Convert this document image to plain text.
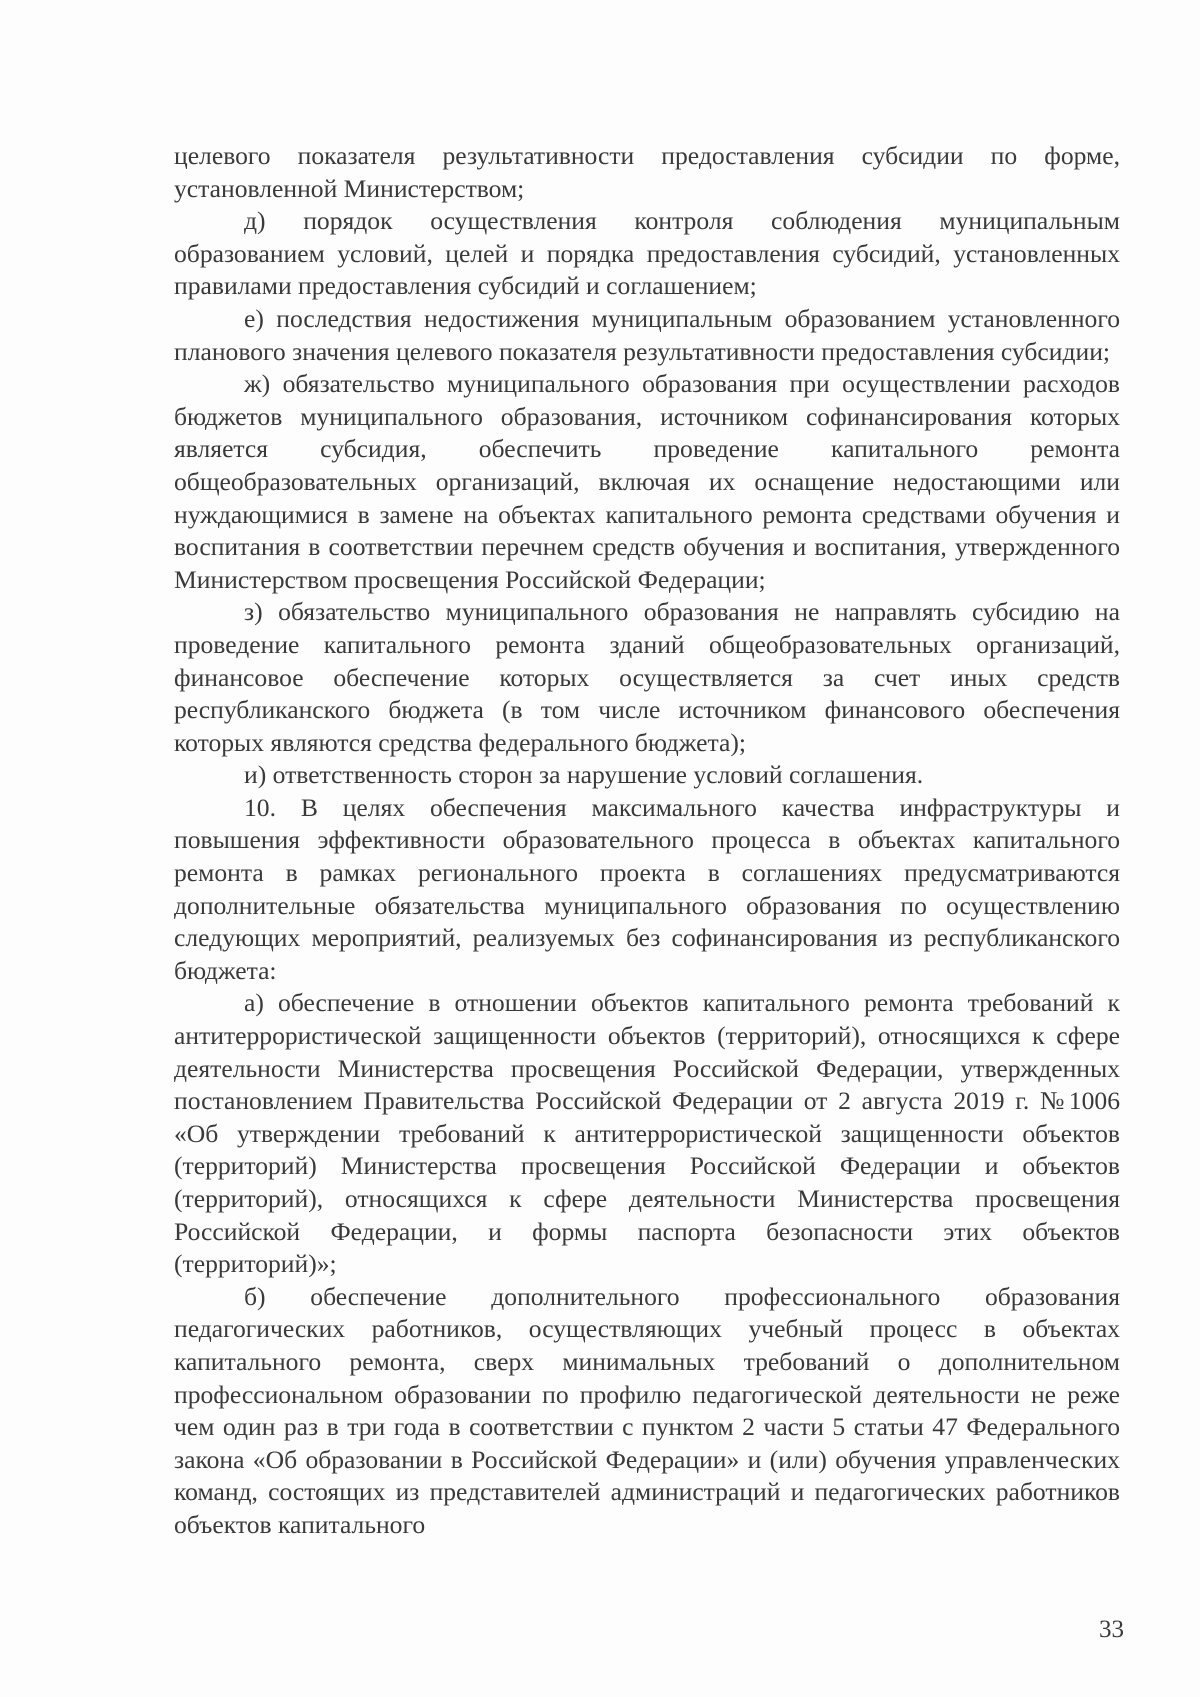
целевого показателя результативности предоставления субсидии по форме, установленной Министерством;

д) порядок осуществления контроля соблюдения муниципальным образованием условий, целей и порядка предоставления субсидий, установленных правилами предоставления субсидий и соглашением;

е) последствия недостижения муниципальным образованием установленного планового значения целевого показателя результативности предоставления субсидии;

ж) обязательство муниципального образования при осуществлении расходов бюджетов муниципального образования, источником софинансирования которых является субсидия, обеспечить проведение капитального ремонта общеобразовательных организаций, включая их оснащение недостающими или нуждающимися в замене на объектах капитального ремонта средствами обучения и воспитания в соответствии перечнем средств обучения и воспитания, утвержденного Министерством просвещения Российской Федерации;

з) обязательство муниципального образования не направлять субсидию на проведение капитального ремонта зданий общеобразовательных организаций, финансовое обеспечение которых осуществляется за счет иных средств республиканского бюджета (в том числе источником финансового обеспечения которых являются средства федерального бюджета);

и) ответственность сторон за нарушение условий соглашения.

10. В целях обеспечения максимального качества инфраструктуры и повышения эффективности образовательного процесса в объектах капитального ремонта в рамках регионального проекта в соглашениях предусматриваются дополнительные обязательства муниципального образования по осуществлению следующих мероприятий, реализуемых без софинансирования из республиканского бюджета:

а) обеспечение в отношении объектов капитального ремонта требований к антитеррористической защищенности объектов (территорий), относящихся к сфере деятельности Министерства просвещения Российской Федерации, утвержденных постановлением Правительства Российской Федерации от 2 августа 2019 г. №1006 «Об утверждении требований к антитеррористической защищенности объектов (территорий) Министерства просвещения Российской Федерации и объектов (территорий), относящихся к сфере деятельности Министерства просвещения Российской Федерации, и формы паспорта безопасности этих объектов (территорий)»;

б) обеспечение дополнительного профессионального образования педагогических работников, осуществляющих учебный процесс в объектах капитального ремонта, сверх минимальных требований о дополнительном профессиональном образовании по профилю педагогической деятельности не реже чем один раз в три года в соответствии с пунктом 2 части 5 статьи 47 Федерального закона «Об образовании в Российской Федерации» и (или) обучения управленческих команд, состоящих из представителей администраций и педагогических работников объектов капитального

33
